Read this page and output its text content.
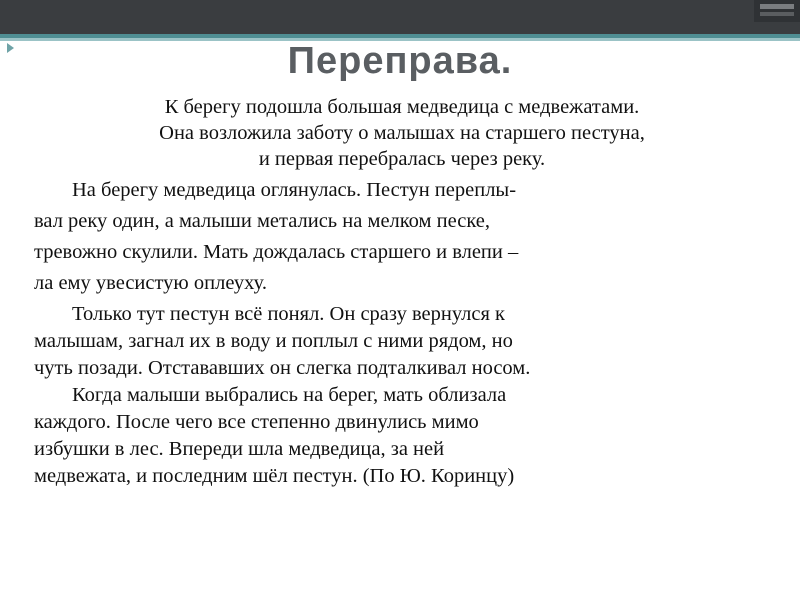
Переправа.
К берегу подошла большая медведица с медвежатами.
Она возложила заботу о малышах на старшего пестуна,
и первая перебралась через реку.
На берегу медведица оглянулась. Пестун переплы-
вал реку один, а малыши метались на мелком песке,
тревожно скулили. Мать дождалась старшего и влепи –
ла ему увесистую оплеуху.
Только тут пестун всё понял. Он сразу вернулся к
малышам, загнал их в воду и поплыл с ними рядом, но
чуть позади. Отстававших он слегка подталкивал носом.
Когда малыши выбрались на берег, мать облизала
каждого. После чего все степенно двинулись мимо
избушки в лес. Впереди шла медведица, за ней
медвежата, и последним шёл пестун. (По Ю. Коринцу)
